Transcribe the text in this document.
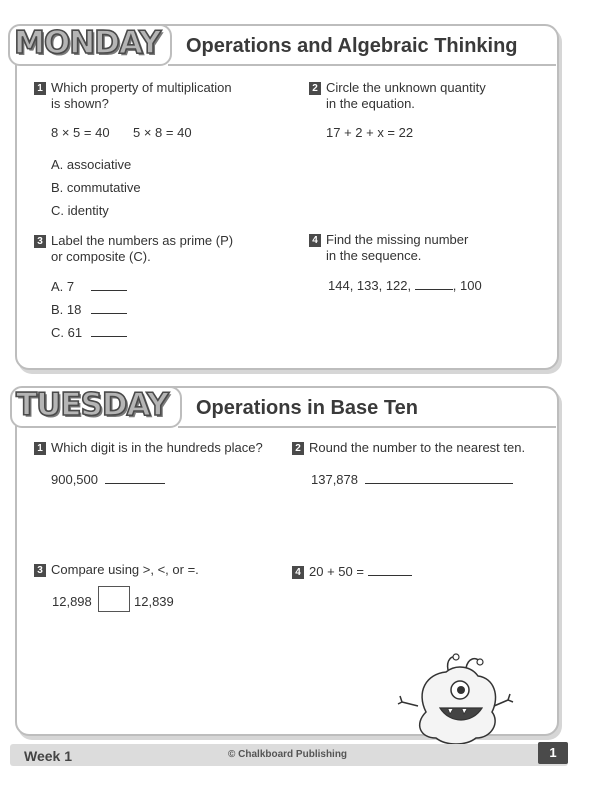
MONDAY Operations and Algebraic Thinking
1 Which property of multiplication
is shown?
8 × 5 = 40 5 × 8 = 40
A. associative
B. commutative
C. identity
2 Circle the unknown quantity
in the equation.
17 + 2 + x = 22
3 Label the numbers as prime (P)
or composite (C).
A. 7
B. 18
C. 61
4 Find the missing number
in the sequence.
144, 133, 122,	, 100
TUESDAY Operations in Base Ten
1 Which digit is in the hundreds place?
900,500
2 Round the number to the nearest ten.
137,878
3 Compare using >, <, or =.
12,898	12,839
4 20 + 50 =
Week 1	© Chalkboard Publishing	1
